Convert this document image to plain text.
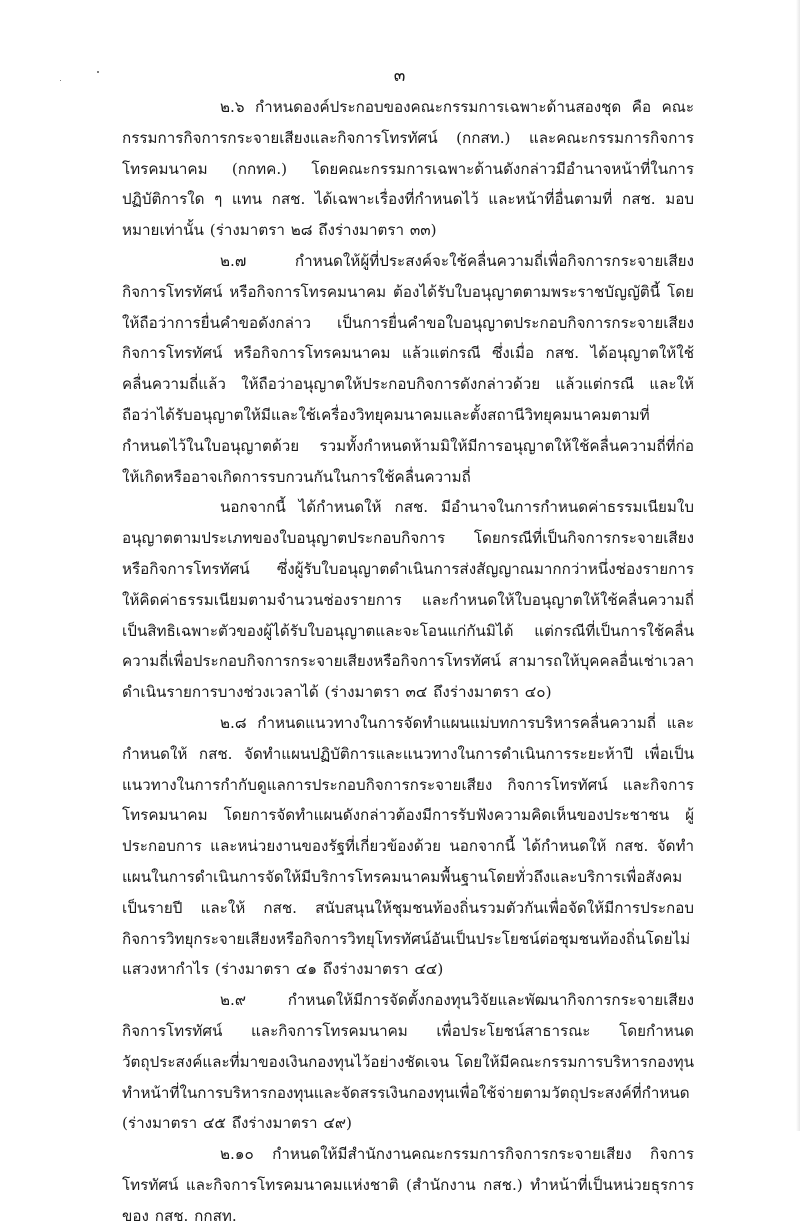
๓

๒.๖ กำหนดองค์ประกอบของคณะกรรมการเฉพาะด้านสองชุด คือ คณะกรรมการกิจการกระจายเสียงและกิจการโทรทัศน์ (กกสท.) และคณะกรรมการกิจการโทรคมนาคม (กกทค.) โดยคณะกรรมการเฉพาะด้านดังกล่าวมีอำนาจหน้าที่ในการปฏิบัติการใด ๆ แทน กสช. ได้เฉพาะเรื่องที่กำหนดไว้ และหน้าที่อื่นตามที่ กสช. มอบหมายเท่านั้น (ร่างมาตรา ๒๘ ถึงร่างมาตรา ๓๓)

๒.๗ กำหนดให้ผู้ที่ประสงค์จะใช้คลื่นความถี่เพื่อกิจการกระจายเสียง กิจการโทรทัศน์ หรือกิจการโทรคมนาคม ต้องได้รับใบอนุญาตตามพระราชบัญญัตินี้ โดยให้ถือว่าการยื่นคำขอดังกล่าว เป็นการยื่นคำขอใบอนุญาตประกอบกิจการกระจายเสียง กิจการโทรทัศน์ หรือกิจการโทรคมนาคม แล้วแต่กรณี ซึ่งเมื่อ กสช. ได้อนุญาตให้ใช้คลื่นความถี่แล้ว ให้ถือว่าอนุญาตให้ประกอบกิจการดังกล่าวด้วย แล้วแต่กรณี และให้ถือว่าได้รับอนุญาตให้มีและใช้เครื่องวิทยุคมนาคมและตั้งสถานีวิทยุคมนาคมตามที่กำหนดไว้ในใบอนุญาตด้วย รวมทั้งกำหนดห้ามมิให้มีการอนุญาตให้ใช้คลื่นความถี่ที่ก่อให้เกิดหรืออาจเกิดการรบกวนกันในการใช้คลื่นความถี่

นอกจากนี้ ได้กำหนดให้ กสช. มีอำนาจในการกำหนดค่าธรรมเนียมใบอนุญาตตามประเภทของใบอนุญาตประกอบกิจการ โดยกรณีที่เป็นกิจการกระจายเสียงหรือกิจการโทรทัศน์ ซึ่งผู้รับใบอนุญาตดำเนินการส่งสัญญาณมากกว่าหนึ่งช่องรายการ ให้คิดค่าธรรมเนียมตามจำนวนช่องรายการ และกำหนดให้ใบอนุญาตให้ใช้คลื่นความถี่เป็นสิทธิเฉพาะตัวของผู้ได้รับใบอนุญาตและจะโอนแก่กันมิได้ แต่กรณีที่เป็นการใช้คลื่นความถี่เพื่อประกอบกิจการกระจายเสียงหรือกิจการโทรทัศน์ สามารถให้บุคคลอื่นเช่าเวลาดำเนินรายการบางช่วงเวลาได้ (ร่างมาตรา ๓๔ ถึงร่างมาตรา ๔๐)

๒.๘ กำหนดแนวทางในการจัดทำแผนแม่บทการบริหารคลื่นความถี่ และกำหนดให้ กสช. จัดทำแผนปฏิบัติการและแนวทางในการดำเนินการระยะห้าปี เพื่อเป็นแนวทางในการกำกับดูแลการประกอบกิจการกระจายเสียง กิจการโทรทัศน์ และกิจการโทรคมนาคม โดยการจัดทำแผนดังกล่าวต้องมีการรับฟังความคิดเห็นของประชาชน ผู้ประกอบการ และหน่วยงานของรัฐที่เกี่ยวข้องด้วย นอกจากนี้ ได้กำหนดให้ กสช. จัดทำแผนในการดำเนินการจัดให้มีบริการโทรคมนาคมพื้นฐานโดยทั่วถึงและบริการเพื่อสังคมเป็นรายปี และให้ กสช. สนับสนุนให้ชุมชนท้องถิ่นรวมตัวกันเพื่อจัดให้มีการประกอบกิจการวิทยุกระจายเสียงหรือกิจการวิทยุโทรทัศน์อันเป็นประโยชน์ต่อชุมชนท้องถิ่นโดยไม่แสวงหากำไร (ร่างมาตรา ๔๑ ถึงร่างมาตรา ๔๔)

๒.๙ กำหนดให้มีการจัดตั้งกองทุนวิจัยและพัฒนากิจการกระจายเสียง กิจการโทรทัศน์ และกิจการโทรคมนาคม เพื่อประโยชน์สาธารณะ โดยกำหนดวัตถุประสงค์และที่มาของเงินกองทุนไว้อย่างชัดเจน โดยให้มีคณะกรรมการบริหารกองทุนทำหน้าที่ในการบริหารกองทุนและจัดสรรเงินกองทุนเพื่อใช้จ่ายตามวัตถุประสงค์ที่กำหนด (ร่างมาตรา ๔๕ ถึงร่างมาตรา ๔๙)

๒.๑๐ กำหนดให้มีสำนักงานคณะกรรมการกิจการกระจายเสียง กิจการโทรทัศน์ และกิจการโทรคมนาคมแห่งชาติ (สำนักงาน กสช.) ทำหน้าที่เป็นหน่วยธุรการของ กสช. กกสท.
